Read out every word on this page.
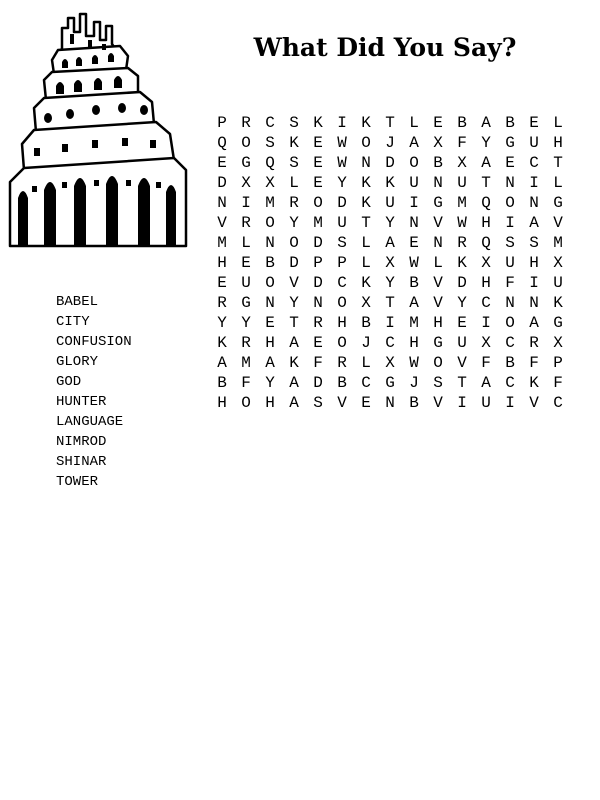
What Did You Say?
P R C S K I K T L E B A B E L
Q O S K E W O J A X F Y G U H
E G Q S E W N D O B X A E C T
D X X L E Y K K U N U T N I L
N I M R O D K U I G M Q O N G
V R O Y M U T Y N V W H I A V
M L N O D S L A E N R Q S S M
H E B D P P L X W L K X U H X
E U O V D C K Y B V D H F I U
R G N Y N O X T A V Y C N N K
Y Y E T R H B I M H E I O A G
K R H A E O J C H G U X C R X
A M A K F R L X W O V F B F P
B F Y A D B C G J S T A C K F
H O H A S V E N B V I U I V C
BABEL
CITY
CONFUSION
GLORY
GOD
HUNTER
LANGUAGE
NIMROD
SHINAR
TOWER
